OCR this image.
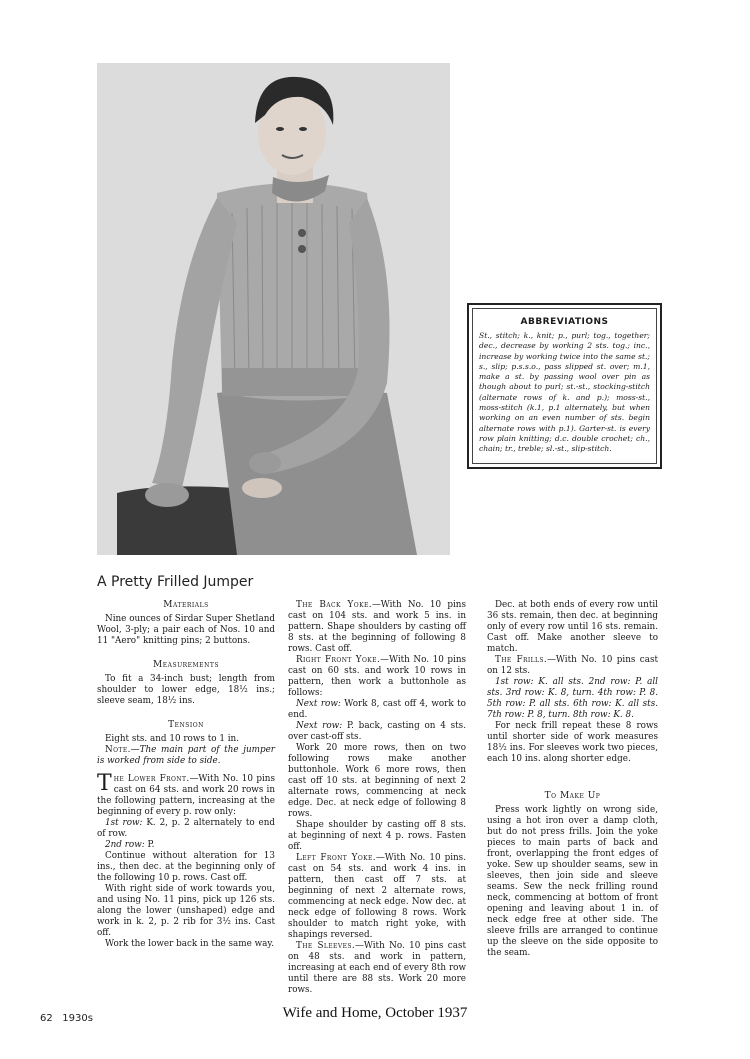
ABBREVIATIONS
St., stitch; k., knit; p., purl; tog., together; dec., decrease by working 2 sts. tog.; inc., increase by working twice into the same st.; s., slip; p.s.s.o., pass slipped st. over; m.1, make a st. by passing wool over pin as though about to purl; st.-st., stocking-stitch (alternate rows of k. and p.); moss-st., moss-stitch (k.1, p.1 alternately, but when working on an even number of sts. begin alternate rows with p.1). Garter-st. is every row plain knitting; d.c. double crochet; ch., chain; tr., treble; sl.-st., slip-stitch.
A Pretty Frilled Jumper

Materials

Nine ounces of Sirdar Super Shetland Wool, 3-ply; a pair each of Nos. 10 and 11 "Aero" knitting pins; 2 buttons.

Measurements

To fit a 34-inch bust; length from shoulder to lower edge, 18½ ins.; sleeve seam, 18½ ins.

Tension

Eight sts. and 10 rows to 1 in.

Note.—The main part of the jumper is worked from side to side.

The Lower Front.—With No. 10 pins cast on 64 sts. and work 20 rows in the following pattern, increasing at the beginning of every p. row only:

1st row: K. 2, p. 2 alternately to end of row.

2nd row: P.

Continue without alteration for 13 ins., then dec. at the beginning only of the following 10 p. rows. Cast off.

With right side of work towards you, and using No. 11 pins, pick up 126 sts. along the lower (unshaped) edge and work in k. 2, p. 2 rib for 3½ ins. Cast off.

Work the lower back in the same way.

The Back Yoke.—With No. 10 pins cast on 104 sts. and work 5 ins. in pattern. Shape shoulders by casting off 8 sts. at the beginning of following 8 rows. Cast off.

Right Front Yoke.—With No. 10 pins cast on 60 sts. and work 10 rows in pattern, then work a buttonhole as follows:

Next row: Work 8, cast off 4, work to end.

Next row: P. back, casting on 4 sts. over cast-off sts.

Work 20 more rows, then on two following rows make another buttonhole. Work 6 more rows, then cast off 10 sts. at beginning of next 2 alternate rows, commencing at neck edge. Dec. at neck edge of following 8 rows.

Shape shoulder by casting off 8 sts. at beginning of next 4 p. rows. Fasten off.

Left Front Yoke.—With No. 10 pins. cast on 54 sts. and work 4 ins. in pattern, then cast off 7 sts. at beginning of next 2 alternate rows, commencing at neck edge. Now dec. at neck edge of following 8 rows. Work shoulder to match right yoke, with shapings reversed.

The Sleeves.—With No. 10 pins cast on 48 sts. and work in pattern, increasing at each end of every 8th row until there are 88 sts. Work 20 more rows.

Dec. at both ends of every row until 36 sts. remain, then dec. at beginning only of every row until 16 sts. remain. Cast off. Make another sleeve to match.

The Frills.—With No. 10 pins cast on 12 sts.

1st row: K. all sts. 2nd row: P. all sts. 3rd row: K. 8, turn. 4th row: P. 8. 5th row: P. all sts. 6th row: K. all sts. 7th row: P. 8, turn. 8th row: K. 8.

For neck frill repeat these 8 rows until shorter side of work measures 18½ ins. For sleeves work two pieces, each 10 ins. along shorter edge.

To Make Up

Press work lightly on wrong side, using a hot iron over a damp cloth, but do not press frills. Join the yoke pieces to main parts of back and front, overlapping the front edges of yoke. Sew up shoulder seams, sew in sleeves, then join side and sleeve seams. Sew the neck frilling round neck, commencing at bottom of front opening and leaving about 1 in. of neck edge free at other side. The sleeve frills are arranged to continue up the sleeve on the side opposite to the seam.

62 1930s	Wife and Home, October 1937
